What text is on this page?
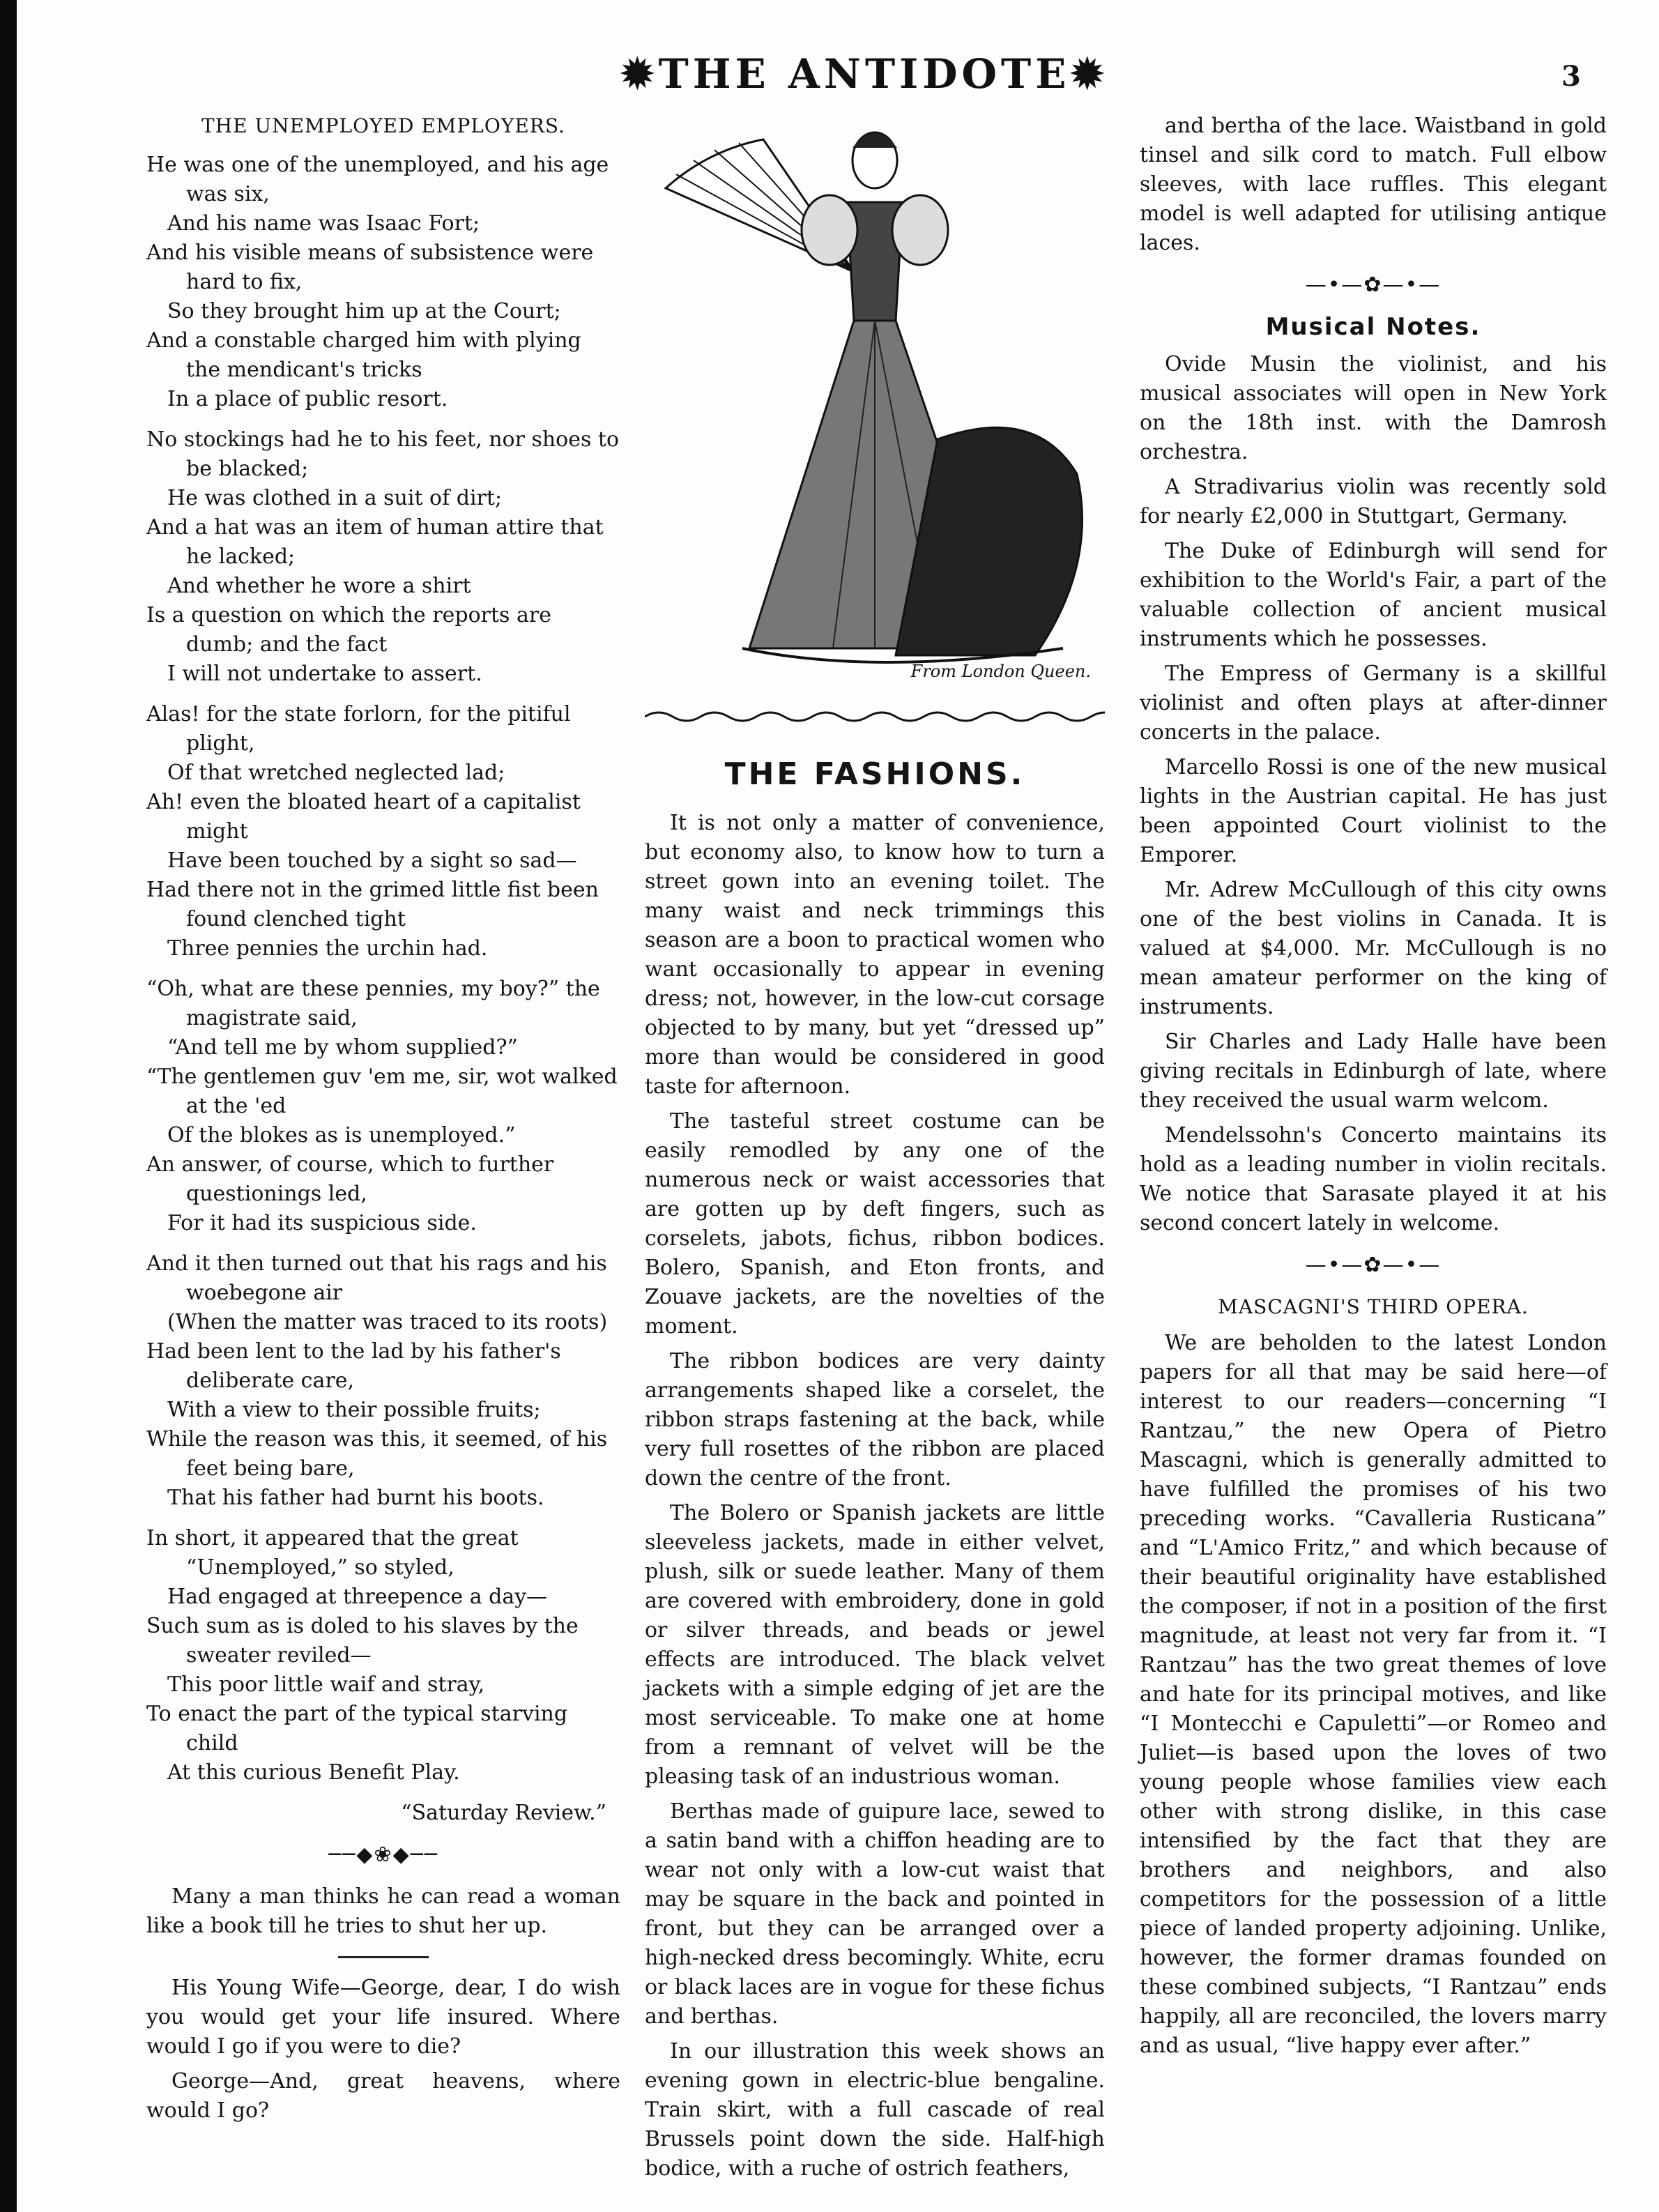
✹THE ANTIDOTE✹	3
THE UNEMPLOYED EMPLOYERS.
He was one of the unemployed, and his age was six,
And his name was Isaac Fort;
And his visible means of subsistence were hard to fix,
So they brought him up at the Court;
And a constable charged him with plying the mendicant's tricks
In a place of public resort.
No stockings had he to his feet, nor shoes to be blacked;
He was clothed in a suit of dirt;
And a hat was an item of human attire that he lacked;
And whether he wore a shirt
Is a question on which the reports are dumb; and the fact
I will not undertake to assert.
Alas! for the state forlorn, for the pitiful plight,
Of that wretched neglected lad;
Ah! even the bloated heart of a capitalist might
Have been touched by a sight so sad—
Had there not in the grimed little fist been found clenched tight
Three pennies the urchin had.
“Oh, what are these pennies, my boy?” the magistrate said,
“And tell me by whom supplied?”
“The gentlemen guv 'em me, sir, wot walked at the 'ed
Of the blokes as is unemployed.”
An answer, of course, which to further questionings led,
For it had its suspicious side.
And it then turned out that his rags and his woebegone air
(When the matter was traced to its roots)
Had been lent to the lad by his father's deliberate care,
With a view to their possible fruits;
While the reason was this, it seemed, of his feet being bare,
That his father had burnt his boots.
In short, it appeared that the great “Unemployed,” so styled,
Had engaged at threepence a day—
Such sum as is doled to his slaves by the sweater reviled—
This poor little waif and stray,
To enact the part of the typical starving child
At this curious Benefit Play.
“Saturday Review.”
──◆❀◆──
Many a man thinks he can read a woman like a book till he tries to shut her up.
His Young Wife—George, dear, I do wish you would get your life insured. Where would I go if you were to die?
George—And, great heavens, where would I go?
From London Queen.
THE FASHIONS.
It is not only a matter of convenience, but economy also, to know how to turn a street gown into an evening toilet. The many waist and neck trimmings this season are a boon to practical women who want occasionally to appear in evening dress; not, however, in the low-cut corsage objected to by many, but yet “dressed up” more than would be considered in good taste for afternoon.
The tasteful street costume can be easily remodled by any one of the numerous neck or waist accessories that are gotten up by deft fingers, such as corselets, jabots, fichus, ribbon bodices. Bolero, Spanish, and Eton fronts, and Zouave jackets, are the novelties of the moment.
The ribbon bodices are very dainty arrangements shaped like a corselet, the ribbon straps fastening at the back, while very full rosettes of the ribbon are placed down the centre of the front.
The Bolero or Spanish jackets are little sleeveless jackets, made in either velvet, plush, silk or suede leather. Many of them are covered with embroidery, done in gold or silver threads, and beads or jewel effects are introduced. The black velvet jackets with a simple edging of jet are the most serviceable. To make one at home from a remnant of velvet will be the pleasing task of an industrious woman.
Berthas made of guipure lace, sewed to a satin band with a chiffon heading are to wear not only with a low-cut waist that may be square in the back and pointed in front, but they can be arranged over a high-necked dress becomingly. White, ecru or black laces are in vogue for these fichus and berthas.
In our illustration this week shows an evening gown in electric-blue bengaline. Train skirt, with a full cascade of real Brussels point down the side. Half-high bodice, with a ruche of ostrich feathers,
and bertha of the lace. Waistband in gold tinsel and silk cord to match. Full elbow sleeves, with lace ruffles. This elegant model is well adapted for utilising antique laces.
—•—✿—•—
Musical Notes.
Ovide Musin the violinist, and his musical associates will open in New York on the 18th inst. with the Damrosh orchestra.
A Stradivarius violin was recently sold for nearly £2,000 in Stuttgart, Germany.
The Duke of Edinburgh will send for exhibition to the World's Fair, a part of the valuable collection of ancient musical instruments which he possesses.
The Empress of Germany is a skillful violinist and often plays at after-dinner concerts in the palace.
Marcello Rossi is one of the new musical lights in the Austrian capital. He has just been appointed Court violinist to the Emporer.
Mr. Adrew McCullough of this city owns one of the best violins in Canada. It is valued at $4,000. Mr. McCullough is no mean amateur performer on the king of instruments.
Sir Charles and Lady Halle have been giving recitals in Edinburgh of late, where they received the usual warm welcom.
Mendelssohn's Concerto maintains its hold as a leading number in violin recitals. We notice that Sarasate played it at his second concert lately in welcome.
—•—✿—•—
MASCAGNI'S THIRD OPERA.
We are beholden to the latest London papers for all that may be said here—of interest to our readers—concerning “I Rantzau,” the new Opera of Pietro Mascagni, which is generally admitted to have fulfilled the promises of his two preceding works. “Cavalleria Rusticana” and “L'Amico Fritz,” and which because of their beautiful originality have established the composer, if not in a position of the first magnitude, at least not very far from it. “I Rantzau” has the two great themes of love and hate for its principal motives, and like “I Montecchi e Capuletti”—or Romeo and Juliet—is based upon the loves of two young people whose families view each other with strong dislike, in this case intensified by the fact that they are brothers and neighbors, and also competitors for the possession of a little piece of landed property adjoining. Unlike, however, the former dramas founded on these combined subjects, “I Rantzau” ends happily, all are reconciled, the lovers marry and as usual, “live happy ever after.”
